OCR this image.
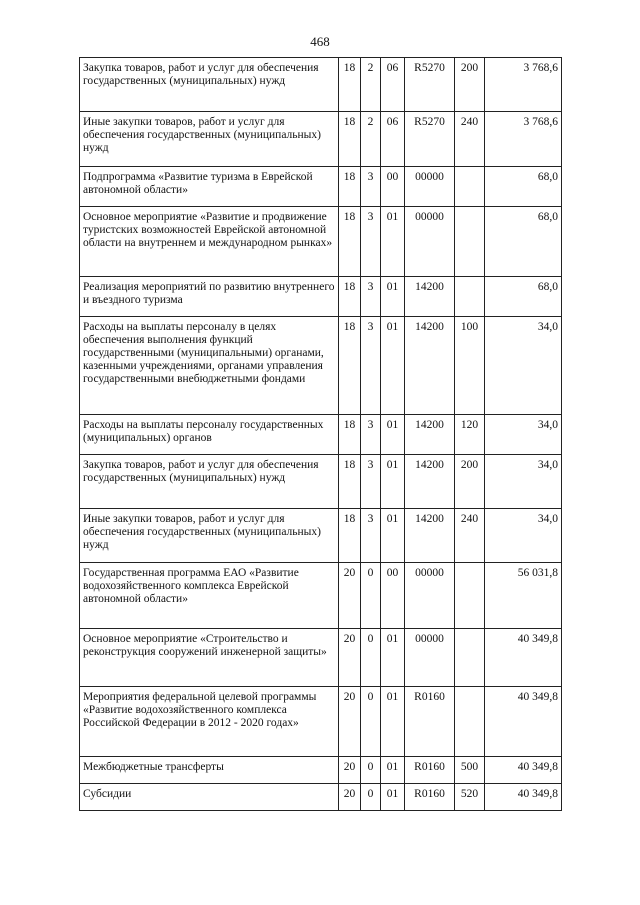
468
Закупка товаров, работ и услуг для обеспечения государственных (муниципальных) нужд	18	2	06	R5270	200	3 768,6
Иные закупки товаров, работ и услуг для обеспечения государственных (муниципальных) нужд	18	2	06	R5270	240	3 768,6
Подпрограмма «Развитие туризма в Еврейской автономной области»	18	3	00	00000		68,0
Основное мероприятие «Развитие и продвижение туристских возможностей Еврейской автономной области на внутреннем и международном рынках»	18	3	01	00000		68,0
Реализация мероприятий по развитию внутреннего и въездного туризма	18	3	01	14200		68,0
Расходы на выплаты персоналу в целях обеспечения выполнения функций государственными (муниципальными) органами, казенными учреждениями, органами управления государственными внебюджетными фондами	18	3	01	14200	100	34,0
Расходы на выплаты персоналу государственных (муниципальных) органов	18	3	01	14200	120	34,0
Закупка товаров, работ и услуг для обеспечения государственных (муниципальных) нужд	18	3	01	14200	200	34,0
Иные закупки товаров, работ и услуг для обеспечения государственных (муниципальных) нужд	18	3	01	14200	240	34,0
Государственная программа ЕАО «Развитие водохозяйственного комплекса Еврейской автономной области»	20	0	00	00000		56 031,8
Основное мероприятие «Строительство и реконструкция сооружений инженерной защиты»	20	0	01	00000		40 349,8
Мероприятия федеральной целевой программы «Развитие водохозяйственного комплекса Российской Федерации в 2012 - 2020 годах»	20	0	01	R0160		40 349,8
Межбюджетные трансферты	20	0	01	R0160	500	40 349,8
Субсидии	20	0	01	R0160	520	40 349,8
